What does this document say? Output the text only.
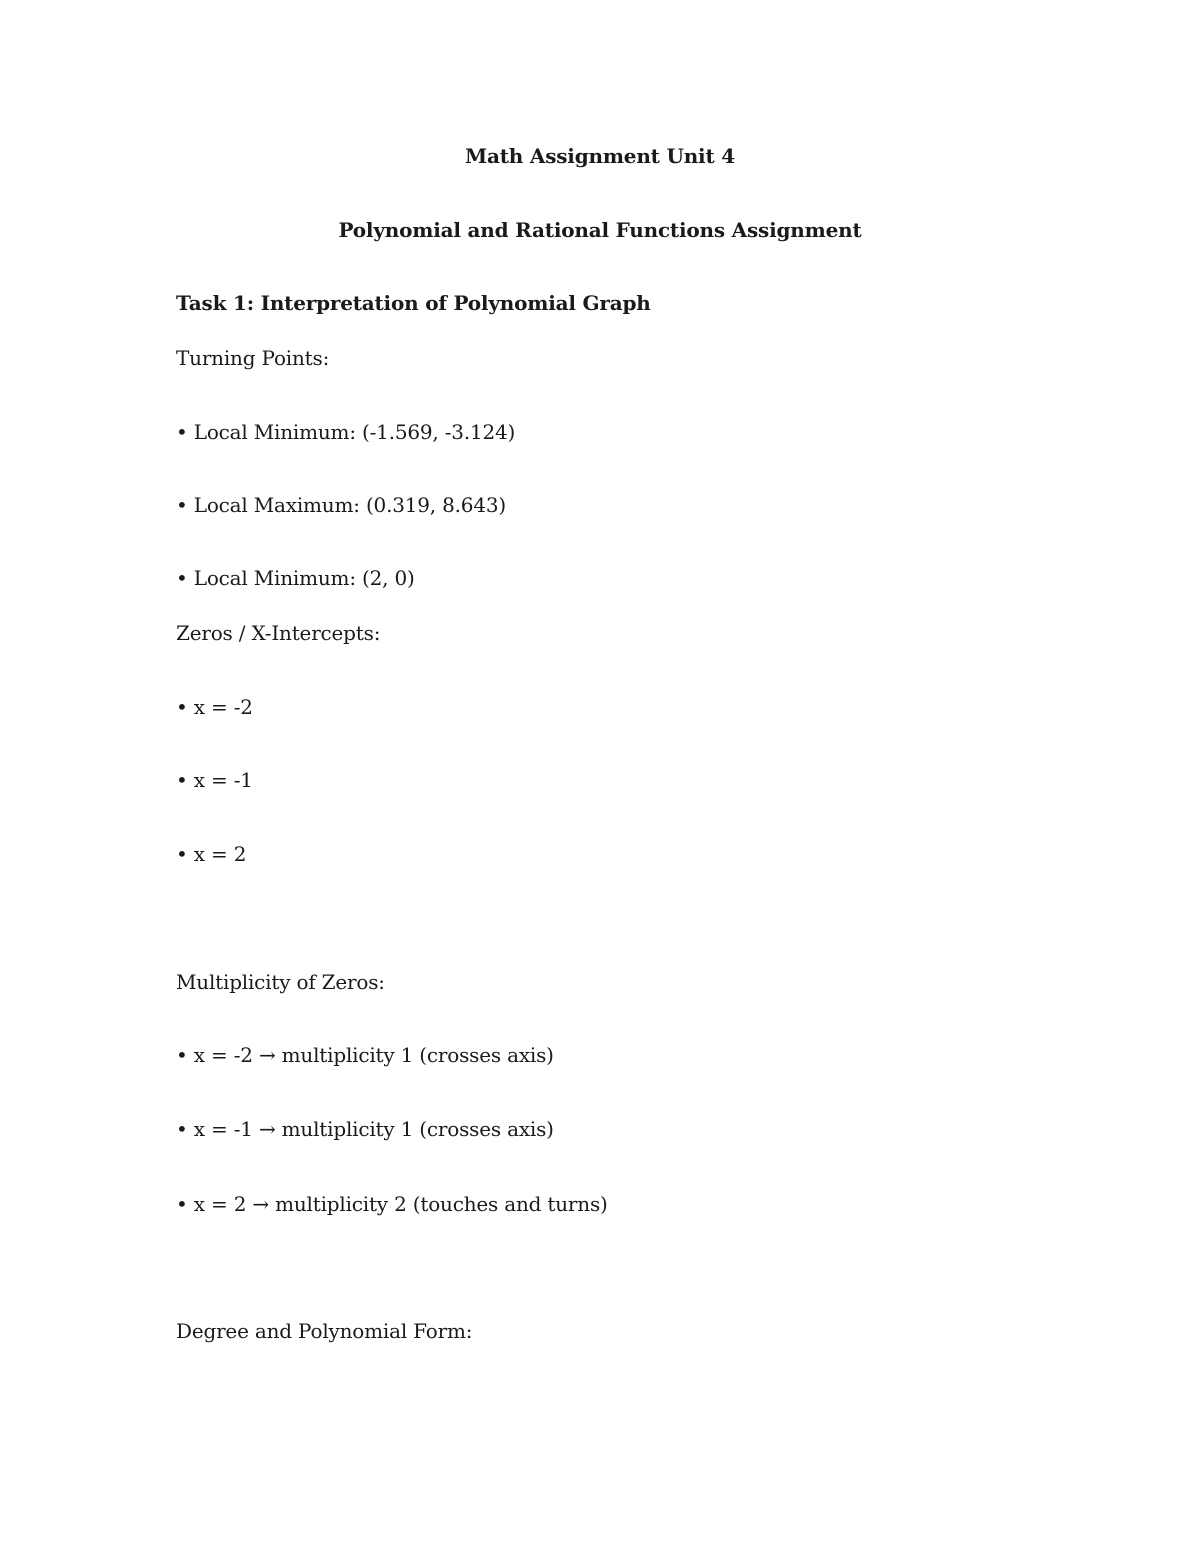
Math Assignment Unit 4
Polynomial and Rational Functions Assignment
Task 1: Interpretation of Polynomial Graph
Turning Points:
• Local Minimum: (-1.569, -3.124)
• Local Maximum: (0.319, 8.643)
• Local Minimum: (2, 0)
Zeros / X-Intercepts:
• x = -2
• x = -1
• x = 2
Multiplicity of Zeros:
• x = -2 → multiplicity 1 (crosses axis)
• x = -1 → multiplicity 1 (crosses axis)
• x = 2 → multiplicity 2 (touches and turns)
Degree and Polynomial Form:
